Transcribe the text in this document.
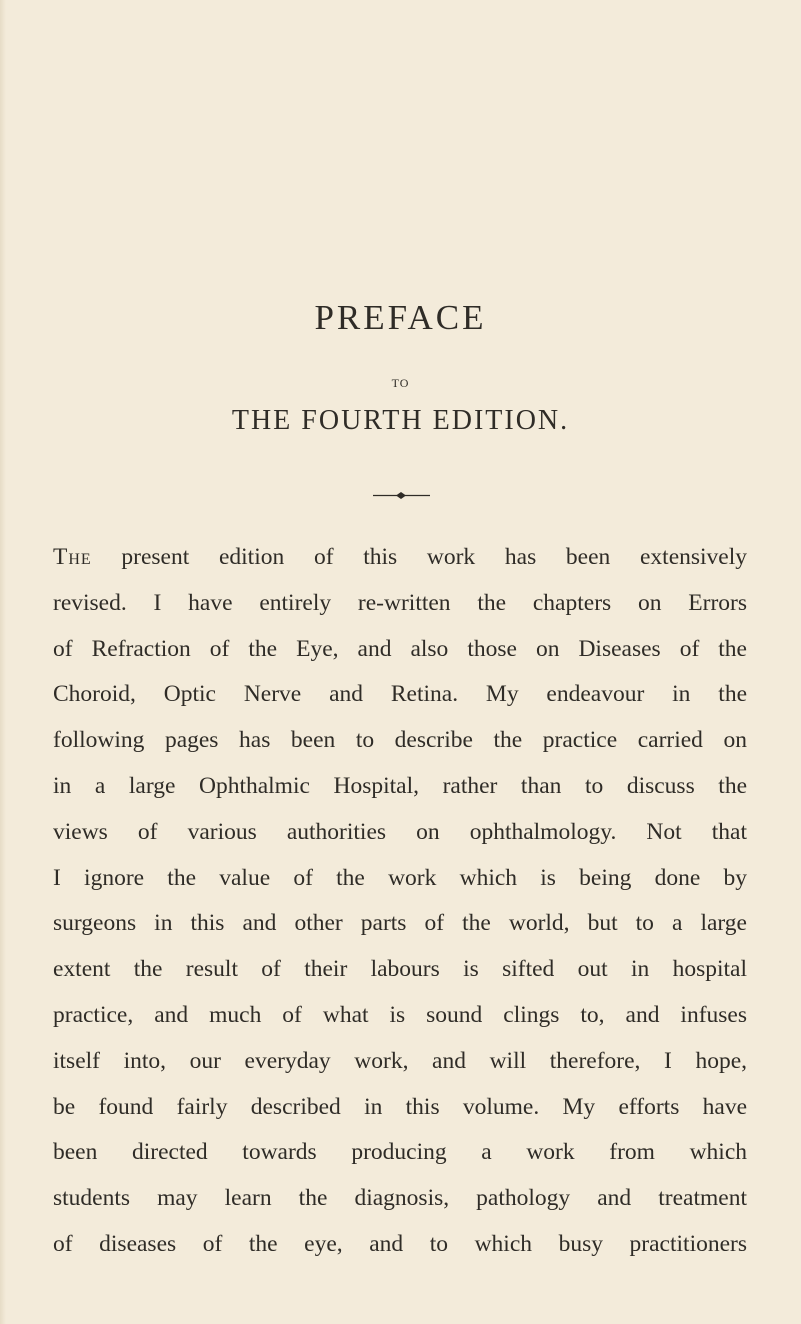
PREFACE
TO
THE FOURTH EDITION.
The present edition of this work has been extensively
revised. I have entirely re-written the chapters on Errors
of Refraction of the Eye, and also those on Diseases of the
Choroid, Optic Nerve and Retina. My endeavour in the
following pages has been to describe the practice carried on
in a large Ophthalmic Hospital, rather than to discuss the
views of various authorities on ophthalmology. Not that
I ignore the value of the work which is being done by
surgeons in this and other parts of the world, but to a large
extent the result of their labours is sifted out in hospital
practice, and much of what is sound clings to, and infuses
itself into, our everyday work, and will therefore, I hope,
be found fairly described in this volume. My efforts have
been directed towards producing a work from which
students may learn the diagnosis, pathology and treatment
of diseases of the eye, and to which busy practitioners
